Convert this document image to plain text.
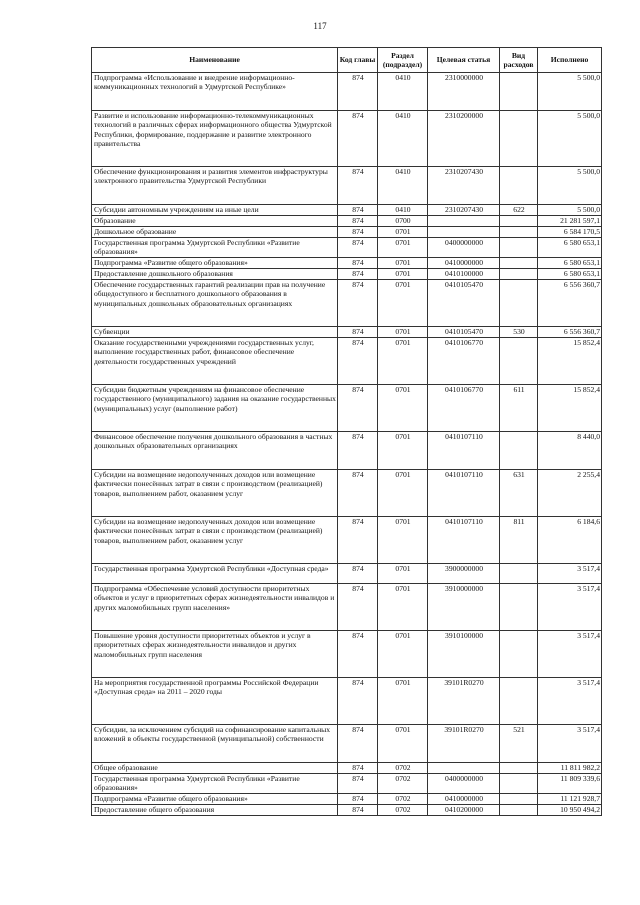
117
Наименование	Код главы	Раздел (подраздел)	Целевая статья	Вид расходов	Исполнено
Подпрограмма «Использование и внедрение информационно-коммуникационных технологий в Удмуртской Республике»	874	0410	2310000000		5 500,0
Развитие и использование информационно-телекоммуникационных технологий в различных сферах информационного общества Удмуртской Республики, формирование, поддержание и развитие электронного правительства	874	0410	2310200000		5 500,0
Обеспечение функционирования и развития элементов инфраструктуры электронного правительства Удмуртской Республики	874	0410	2310207430		5 500,0
Субсидии автономным учреждениям на иные цели	874	0410	2310207430	622	5 500,0
Образование	874	0700			21 281 597,1
Дошкольное образование	874	0701			6 584 170,5
Государственная программа Удмуртской Республики «Развитие образования»	874	0701	0400000000		6 580 653,1
Подпрограмма «Развитие общего образования»	874	0701	0410000000		6 580 653,1
Предоставление дошкольного образования	874	0701	0410100000		6 580 653,1
Обеспечение государственных гарантий реализации прав на получение общедоступного и бесплатного дошкольного образования в муниципальных дошкольных образовательных организациях	874	0701	0410105470		6 556 360,7
Субвенции	874	0701	0410105470	530	6 556 360,7
Оказание государственными учреждениями государственных услуг, выполнение государственных работ, финансовое обеспечение деятельности государственных учреждений	874	0701	0410106770		15 852,4
Субсидии бюджетным учреждениям на финансовое обеспечение государственного (муниципального) задания на оказание государственных (муниципальных) услуг (выполнение работ)	874	0701	0410106770	611	15 852,4
Финансовое обеспечение получения дошкольного образования в частных дошкольных образовательных организациях	874	0701	0410107110		8 440,0
Субсидии на возмещение недополученных доходов или возмещение фактически понесённых затрат в связи с производством (реализацией) товаров, выполнением работ, оказанием услуг	874	0701	0410107110	631	2 255,4
Субсидии на возмещение недополученных доходов или возмещение фактически понесённых затрат в связи с производством (реализацией) товаров, выполнением работ, оказанием услуг	874	0701	0410107110	811	6 184,6
Государственная программа Удмуртской Республики «Доступная среда»	874	0701	3900000000		3 517,4
Подпрограмма «Обеспечение условий доступности приоритетных объектов и услуг в приоритетных сферах жизнедеятельности инвалидов и других маломобильных групп населения»	874	0701	3910000000		3 517,4
Повышение уровня доступности приоритетных объектов и услуг в приоритетных сферах жизнедеятельности инвалидов и других маломобильных групп населения	874	0701	3910100000		3 517,4
На мероприятия государственной программы Российской Федерации «Доступная среда» на 2011 – 2020 годы	874	0701	39101R0270		3 517,4
Субсидии, за исключением субсидий на софинансирование капитальных вложений в объекты государственной (муниципальной) собственности	874	0701	39101R0270	521	3 517,4
Общее образование	874	0702			11 811 982,2
Государственная программа Удмуртской Республики «Развитие образования»	874	0702	0400000000		11 809 339,6
Подпрограмма «Развитие общего образования»	874	0702	0410000000		11 121 928,7
Предоставление общего образования	874	0702	0410200000		10 950 494,2
